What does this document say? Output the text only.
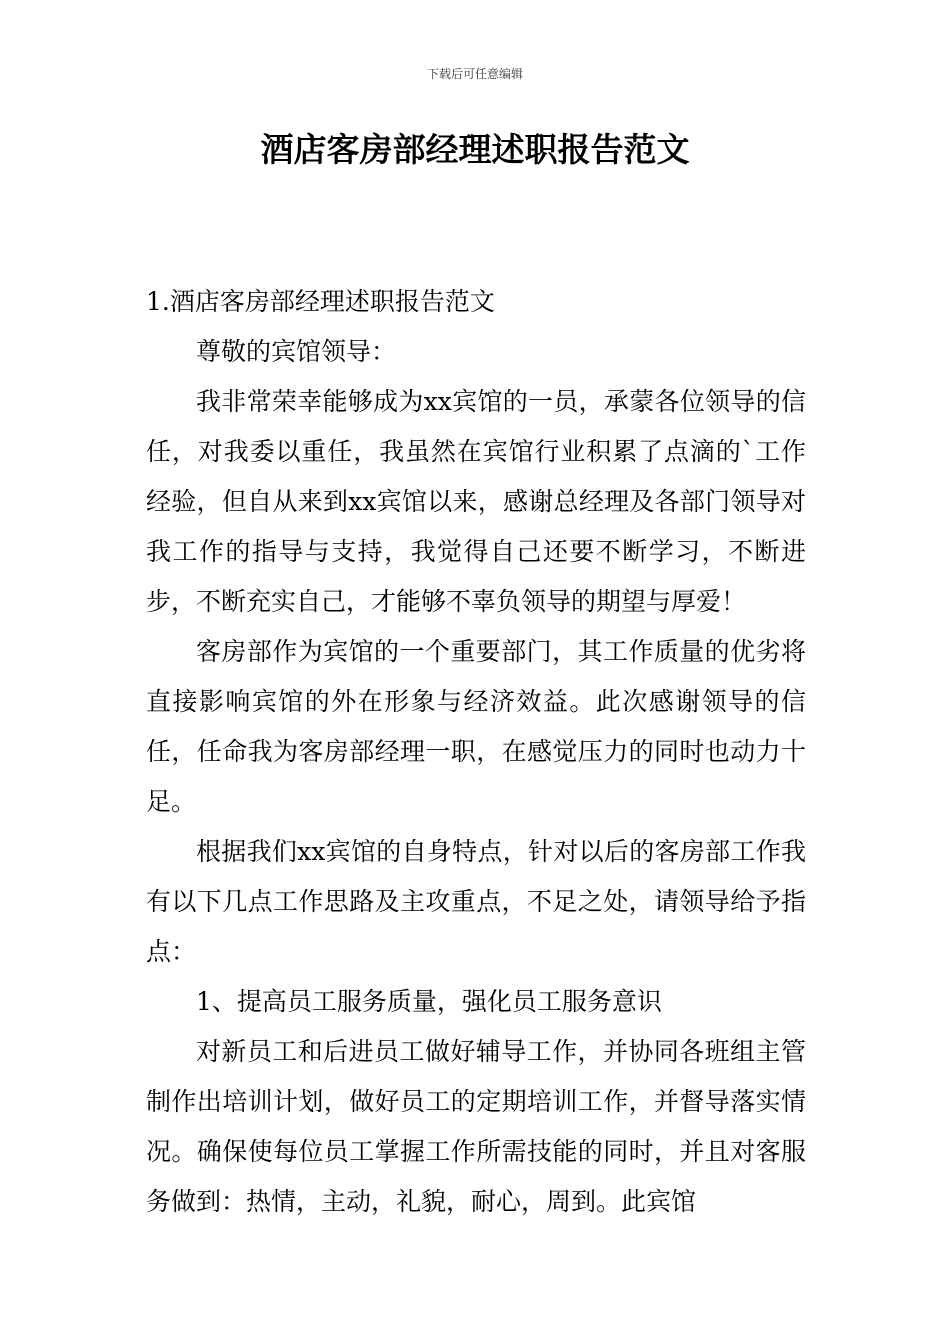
下载后可任意编辑
酒店客房部经理述职报告范文

1.酒店客房部经理述职报告范文

尊敬的宾馆领导：

我非常荣幸能够成为xx宾馆的一员，承蒙各位领导的信任，对我委以重任，我虽然在宾馆行业积累了点滴的`工作经验，但自从来到xx宾馆以来，感谢总经理及各部门领导对我工作的指导与支持，我觉得自己还要不断学习，不断进步，不断充实自己，才能够不辜负领导的期望与厚爱！

客房部作为宾馆的一个重要部门，其工作质量的优劣将直接影响宾馆的外在形象与经济效益。此次感谢领导的信任，任命我为客房部经理一职，在感觉压力的同时也动力十足。

根据我们xx宾馆的自身特点，针对以后的客房部工作我有以下几点工作思路及主攻重点，不足之处，请领导给予指点：

1、提高员工服务质量，强化员工服务意识

对新员工和后进员工做好辅导工作，并协同各班组主管制作出培训计划，做好员工的定期培训工作，并督导落实情况。确保使每位员工掌握工作所需技能的同时，并且对客服务做到：热情，主动，礼貌，耐心，周到。此宾馆
